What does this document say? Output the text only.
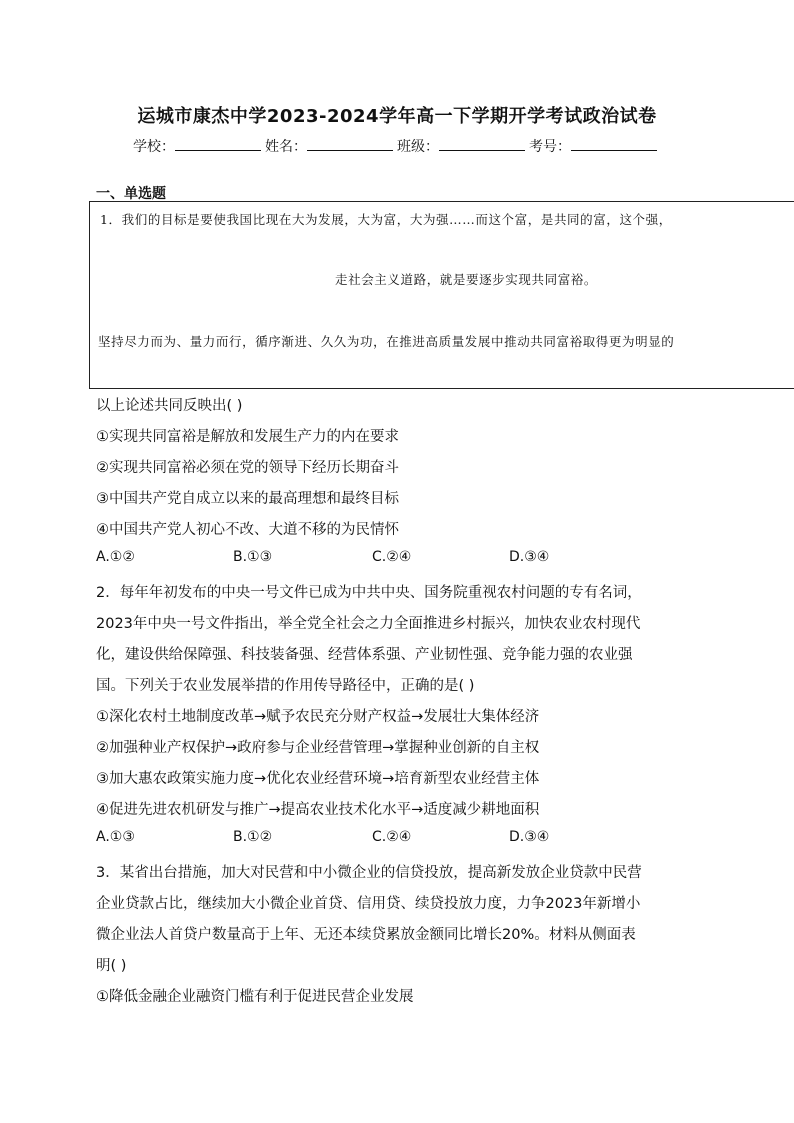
运城市康杰中学2023-2024学年高一下学期开学考试政治试卷
学校：	姓名：	班级：	考号：
一、单选题
1．我们的目标是要使我国比现在大为发展，大为富，大为强……而这个富，是共同的富，这个强，
走社会主义道路，就是要逐步实现共同富裕。
坚持尽力而为、量力而行，循序渐进、久久为功，在推进高质量发展中推动共同富裕取得更为明显的
以上论述共同反映出( )
①实现共同富裕是解放和发展生产力的内在要求
②实现共同富裕必须在党的领导下经历长期奋斗
③中国共产党自成立以来的最高理想和最终目标
④中国共产党人初心不改、大道不移的为民情怀
A.①②	B.①③	C.②④	D.③④
2．每年年初发布的中央一号文件已成为中共中央、国务院重视农村问题的专有名词，
2023年中央一号文件指出，举全党全社会之力全面推进乡村振兴，加快农业农村现代
化，建设供给保障强、科技装备强、经营体系强、产业韧性强、竞争能力强的农业强
国。下列关于农业发展举措的作用传导路径中，正确的是( )
①深化农村土地制度改革→赋予农民充分财产权益→发展壮大集体经济
②加强种业产权保护→政府参与企业经营管理→掌握种业创新的自主权
③加大惠农政策实施力度→优化农业经营环境→培育新型农业经营主体
④促进先进农机研发与推广→提高农业技术化水平→适度减少耕地面积
A.①③	B.①②	C.②④	D.③④
3．某省出台措施，加大对民营和中小微企业的信贷投放，提高新发放企业贷款中民营
企业贷款占比，继续加大小微企业首贷、信用贷、续贷投放力度，力争2023年新增小
微企业法人首贷户数量高于上年、无还本续贷累放金额同比增长20%。材料从侧面表
明( )
①降低金融企业融资门槛有利于促进民营企业发展
